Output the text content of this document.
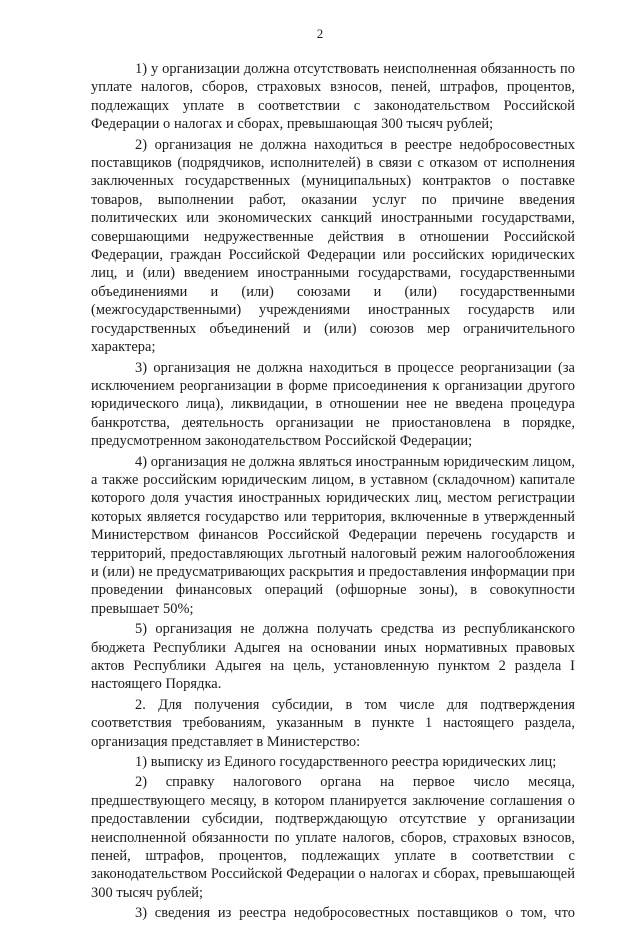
2

1) у организации должна отсутствовать неисполненная обязанность по уплате налогов, сборов, страховых взносов, пеней, штрафов, процентов, подлежащих уплате в соответствии с законодательством Российской Федерации о налогах и сборах, превышающая 300 тысяч рублей;

2) организация не должна находиться в реестре недобросовестных поставщиков (подрядчиков, исполнителей) в связи с отказом от исполнения заключенных государственных (муниципальных) контрактов о поставке товаров, выполнении работ, оказании услуг по причине введения политических или экономических санкций иностранными государствами, совершающими недружественные действия в отношении Российской Федерации, граждан Российской Федерации или российских юридических лиц, и (или) введением иностранными государствами, государственными объединениями и (или) союзами и (или) государственными (межгосударственными) учреждениями иностранных государств или государственных объединений и (или) союзов мер ограничительного характера;

3) организация не должна находиться в процессе реорганизации (за исключением реорганизации в форме присоединения к организации другого юридического лица), ликвидации, в отношении нее не введена процедура банкротства, деятельность организации не приостановлена в порядке, предусмотренном законодательством Российской Федерации;

4) организация не должна являться иностранным юридическим лицом, а также российским юридическим лицом, в уставном (складочном) капитале которого доля участия иностранных юридических лиц, местом регистрации которых является государство или территория, включенные в утвержденный Министерством финансов Российской Федерации перечень государств и территорий, предоставляющих льготный налоговый режим налогообложения и (или) не предусматривающих раскрытия и предоставления информации при проведении финансовых операций (офшорные зоны), в совокупности превышает 50%;

5) организация не должна получать средства из республиканского бюджета Республики Адыгея на основании иных нормативных правовых актов Республики Адыгея на цель, установленную пунктом 2 раздела I настоящего Порядка.

2. Для получения субсидии, в том числе для подтверждения соответствия требованиям, указанным в пункте 1 настоящего раздела, организация представляет в Министерство:

1) выписку из Единого государственного реестра юридических лиц;

2) справку налогового органа на первое число месяца, предшествующего месяцу, в котором планируется заключение соглашения о предоставлении субсидии, подтверждающую отсутствие у организации неисполненной обязанности по уплате налогов, сборов, страховых взносов, пеней, штрафов, процентов, подлежащих уплате в соответствии с законодательством Российской Федерации о налогах и сборах, превышающей 300 тысяч рублей;

3) сведения из реестра недобросовестных поставщиков о том, что
